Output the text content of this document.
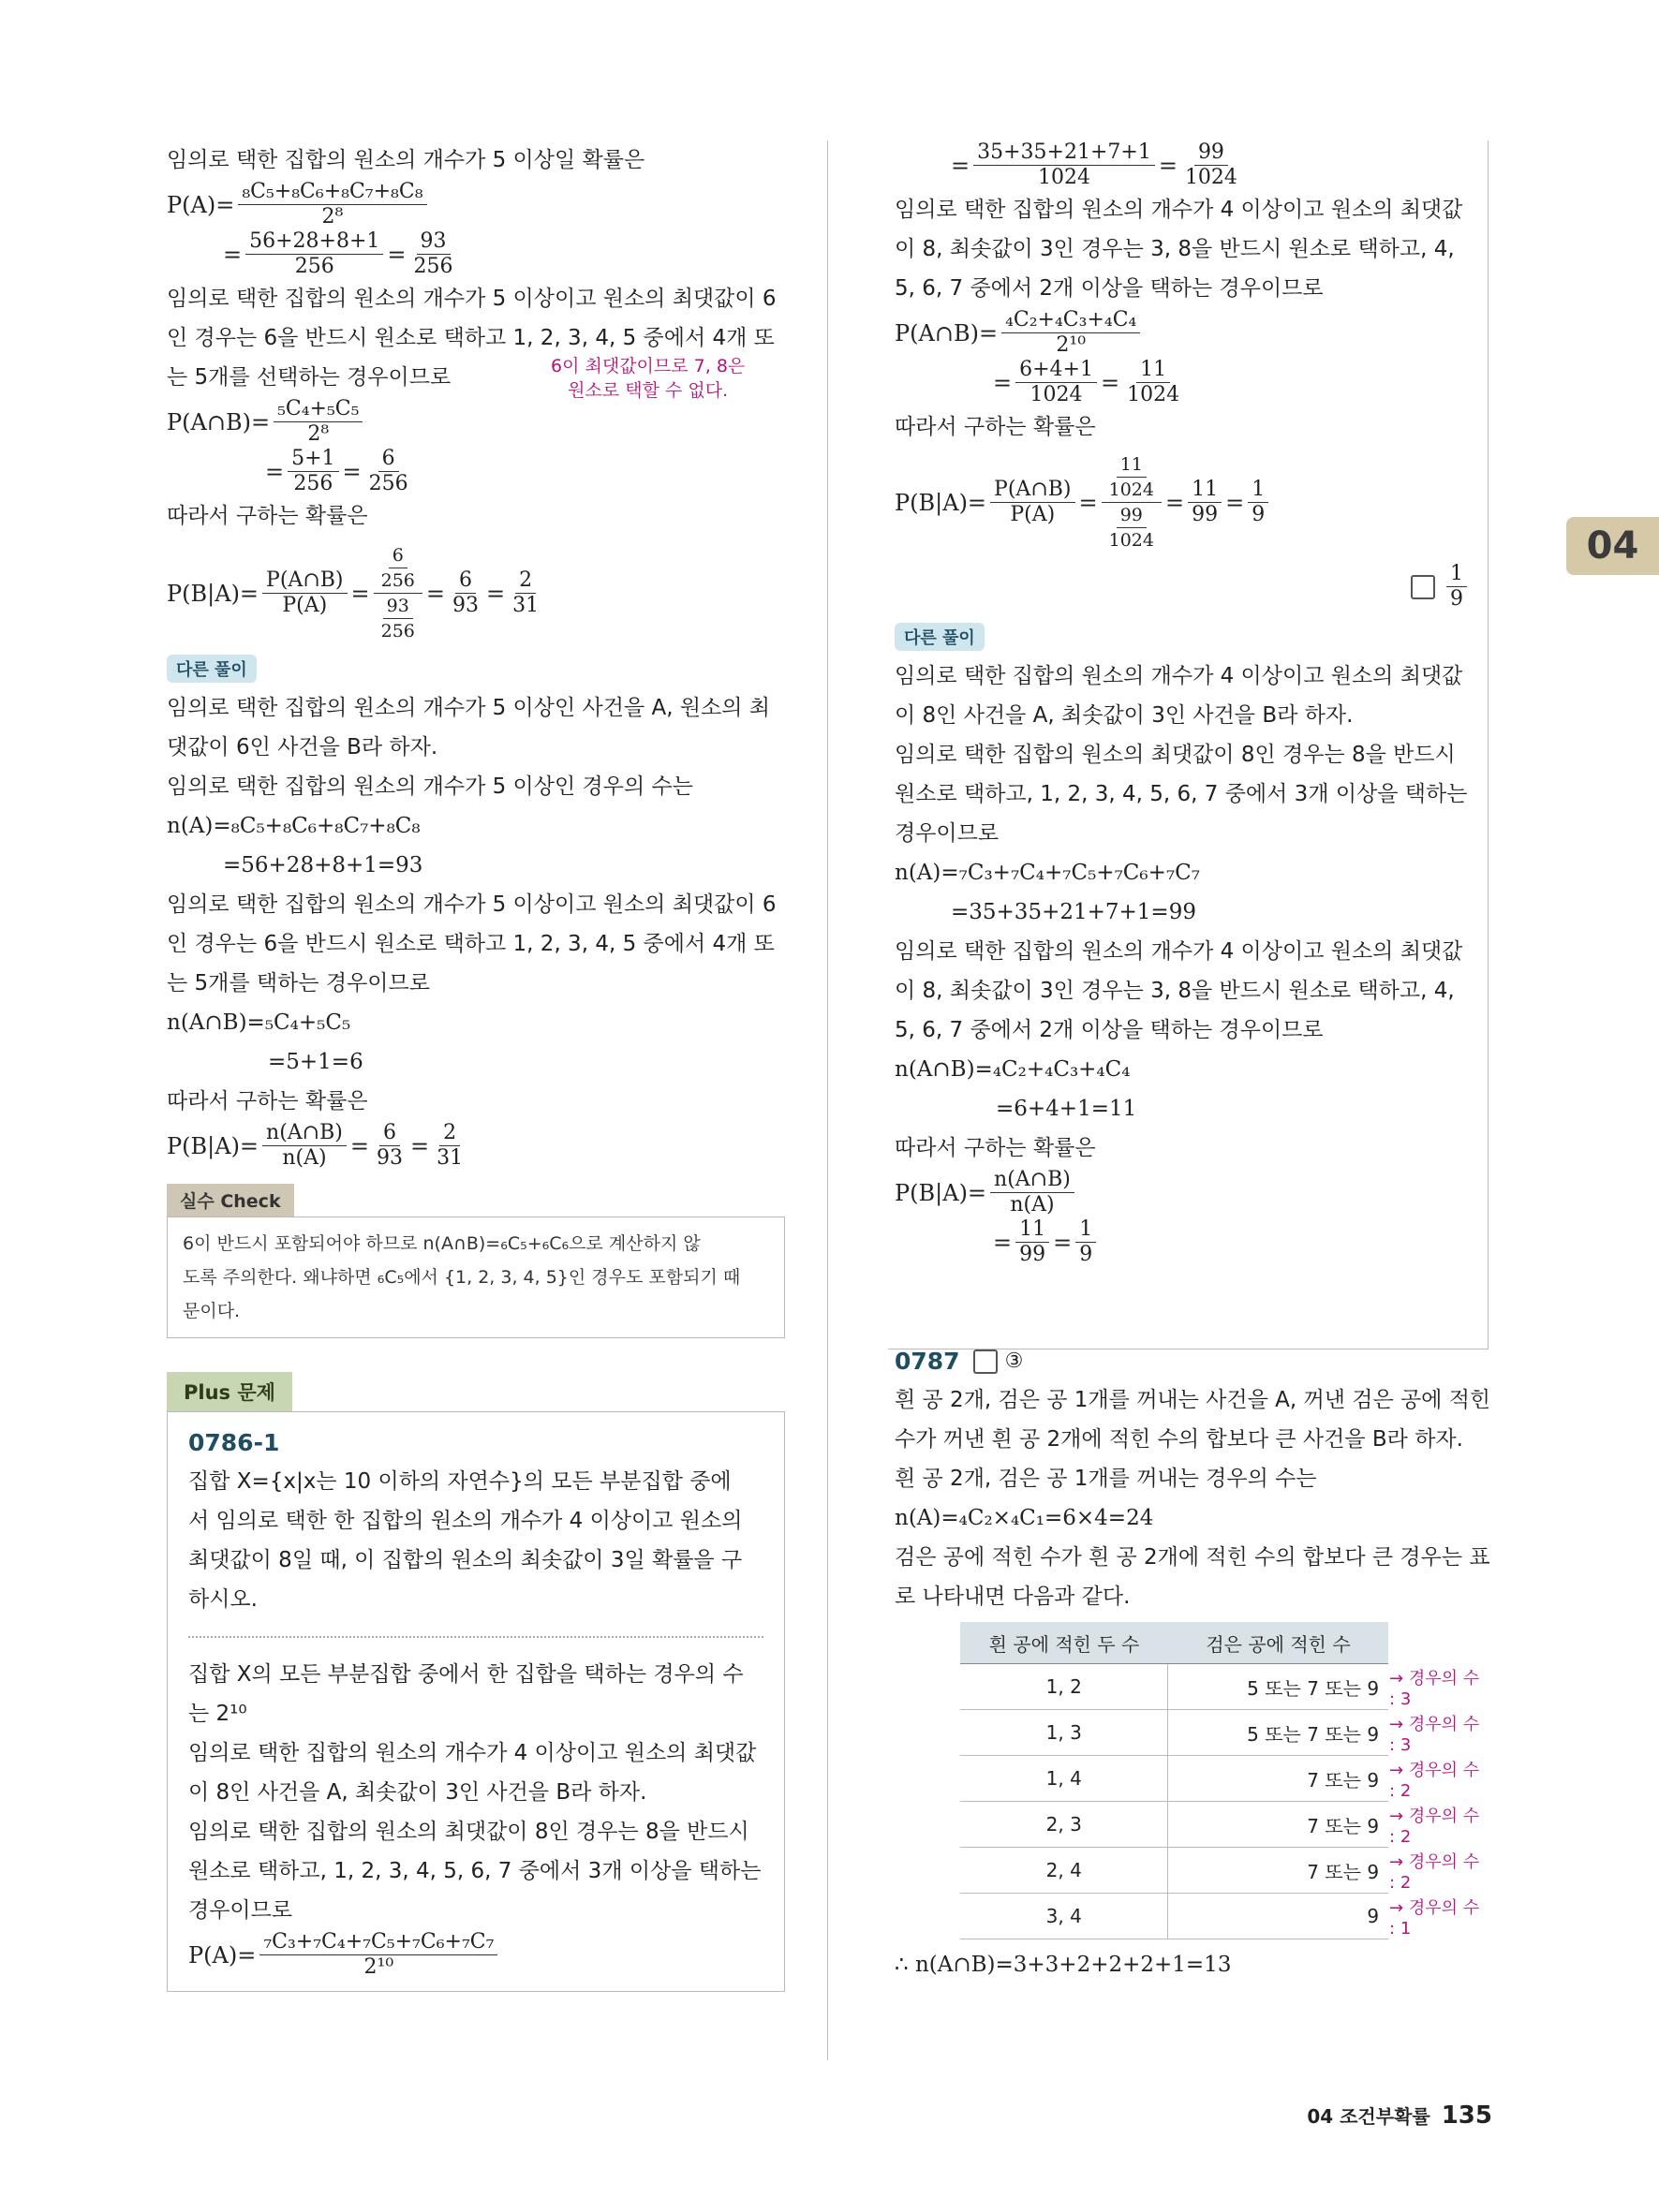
04
임의로 택한 집합의 원소의 개수가 5 이상일 확률은
$P(A)= \frac{\text{₈C₅+₈C₆+₈C₇+₈C₈}}{\text{2⁸}}$
= $\frac{56+28+8+1}{256} = \frac{93}{256}$
임의로 택한 집합의 원소의 개수가 5 이상이고 원소의 최댓값이 6
인 경우는 6을 반드시 원소로 택하고 1, 2, 3, 4, 5 중에서 4개 또
는 5개를 선택하는 경우이므로	6이 최댓값이므로 7, 8은
원소로 택할 수 없다.
P(A∩B)= $\frac{\text{₅C₄+₅C₅}}{\text{2⁸}}$
= $\frac{5+1}{256} = \frac{6}{256}$
따라서 구하는 확률은
$P(B|A)= \frac{P(A\cap B)}{P(A)} = \frac{\frac{6}{256}}{\frac{93}{256}} = \frac{6}{93} = \frac{2}{31}$
다른 풀이
임의로 택한 집합의 원소의 개수가 5 이상인 사건을 A, 원소의 최
댓값이 6인 사건을 B라 하자.
임의로 택한 집합의 원소의 개수가 5 이상인 경우의 수는
n(A)=₈C₅+₈C₆+₈C₇+₈C₈
=56+28+8+1=93
임의로 택한 집합의 원소의 개수가 5 이상이고 원소의 최댓값이 6
인 경우는 6을 반드시 원소로 택하고 1, 2, 3, 4, 5 중에서 4개 또
는 5개를 택하는 경우이므로
n(A∩B)=₅C₄+₅C₅
=5+1=6
따라서 구하는 확률은
$P(B|A)= \frac{n(A\cap B)}{n(A)} = \frac{6}{93} = \frac{2}{31}$
실수 Check
6이 반드시 포함되어야 하므로 n(A∩B)=₆C₅+₆C₆으로 계산하지 않
도록 주의한다. 왜냐하면 ₆C₅에서 {1, 2, 3, 4, 5}인 경우도 포함되기 때
문이다.
Plus 문제
0786-1
집합 X={x|x는 10 이하의 자연수}의 모든 부분집합 중에
서 임의로 택한 한 집합의 원소의 개수가 4 이상이고 원소의
최댓값이 8일 때, 이 집합의 원소의 최솟값이 3일 확률을 구
하시오.
집합 X의 모든 부분집합 중에서 한 집합을 택하는 경우의 수
는 2¹⁰
임의로 택한 집합의 원소의 개수가 4 이상이고 원소의 최댓값
이 8인 사건을 A, 최솟값이 3인 사건을 B라 하자.
임의로 택한 집합의 원소의 최댓값이 8인 경우는 8을 반드시
원소로 택하고, 1, 2, 3, 4, 5, 6, 7 중에서 3개 이상을 택하는
경우이므로
$P(A)= \frac{\text{₇C₃+₇C₄+₇C₅+₇C₆+₇C₇}}{\text{2¹⁰}}$
= $\frac{35+35+21+7+1}{1024} = \frac{99}{1024}$
임의로 택한 집합의 원소의 개수가 4 이상이고 원소의 최댓값
이 8, 최솟값이 3인 경우는 3, 8을 반드시 원소로 택하고, 4,
5, 6, 7 중에서 2개 이상을 택하는 경우이므로
P(A∩B)= $\frac{\text{₄C₂+₄C₃+₄C₄}}{\text{2¹⁰}}$
= $\frac{6+4+1}{1024} = \frac{11}{1024}$
따라서 구하는 확률은
$P(B|A)= \frac{P(A\cap B)}{P(A)} = \frac{\frac{11}{1024}}{\frac{99}{1024}} = \frac{11}{99} = \frac{1}{9}$
$\frac{1}{9}$
다른 풀이
임의로 택한 집합의 원소의 개수가 4 이상이고 원소의 최댓값
이 8인 사건을 A, 최솟값이 3인 사건을 B라 하자.
임의로 택한 집합의 원소의 최댓값이 8인 경우는 8을 반드시
원소로 택하고, 1, 2, 3, 4, 5, 6, 7 중에서 3개 이상을 택하는
경우이므로
n(A)=₇C₃+₇C₄+₇C₅+₇C₆+₇C₇
=35+35+21+7+1=99
임의로 택한 집합의 원소의 개수가 4 이상이고 원소의 최댓값
이 8, 최솟값이 3인 경우는 3, 8을 반드시 원소로 택하고, 4,
5, 6, 7 중에서 2개 이상을 택하는 경우이므로
n(A∩B)=₄C₂+₄C₃+₄C₄
=6+4+1=11
따라서 구하는 확률은
$P(B|A)= \frac{n(A\cap B)}{n(A)}$
= $\frac{11}{99} = \frac{1}{9}$
0787 ③
흰 공 2개, 검은 공 1개를 꺼내는 사건을 A, 꺼낸 검은 공에 적힌
수가 꺼낸 흰 공 2개에 적힌 수의 합보다 큰 사건을 B라 하자.
흰 공 2개, 검은 공 1개를 꺼내는 경우의 수는
n(A)=₄C₂×₄C₁=6×4=24
검은 공에 적힌 수가 흰 공 2개에 적힌 수의 합보다 큰 경우는 표
로 나타내면 다음과 같다.
흰 공에 적힌 두 수	검은 공에 적힌 수	
1, 2	5 또는 7 또는 9	→ 경우의 수 : 3
1, 3	5 또는 7 또는 9	→ 경우의 수 : 3
1, 4	7 또는 9	→ 경우의 수 : 2
2, 3	7 또는 9	→ 경우의 수 : 2
2, 4	7 또는 9	→ 경우의 수 : 2
3, 4	9	→ 경우의 수 : 1
∴ n(A∩B)=3+3+2+2+2+1=13
04 조건부확률 135
